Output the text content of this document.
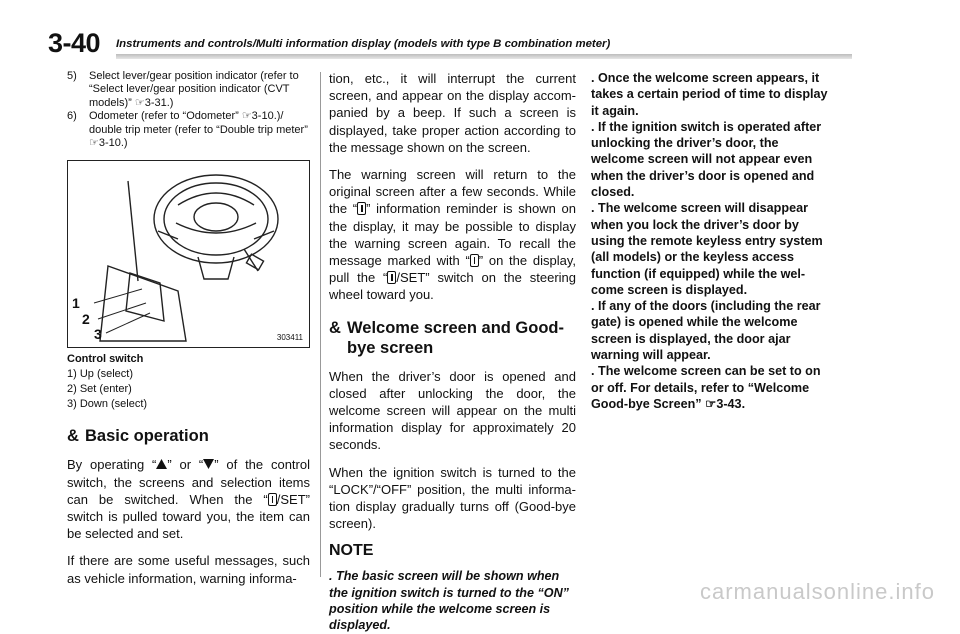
3-40 Instruments and controls/Multi information display (models with type B combination meter)
5) Select lever/gear position indicator (refer to “Select lever/gear position indicator (CVT models)” ☞3-31.)
6) Odometer (refer to “Odometer” ☞3-10.)/ double trip meter (refer to “Double trip meter” ☞3-10.)
1
2
3	303411
Control switch
1) Up (select)
2) Set (enter)
3) Down (select)
& Basic operation

By operating “ ” or “ ” of the control switch, the screens and selection items can be switched. When the “ /SET” switch is pulled toward you, the item can be selected and set.

If there are some useful messages, such as vehicle information, warning informa-

tion, etc., it will interrupt the current screen, and appear on the display accom-panied by a beep. If such a screen is displayed, take proper action according to the message shown on the screen.

The warning screen will return to the original screen after a few seconds. While the “ ” information reminder is shown on the display, it may be possible to display the warning screen again. To recall the message marked with “ ” on the display, pull the “ /SET” switch on the steering wheel toward you.

& Welcome screen and Good-bye screen

When the driver’s door is opened and closed after unlocking the door, the welcome screen will appear on the multi information display for approximately 20 seconds.

When the ignition switch is turned to the “LOCK”/“OFF” position, the multi informa-tion display gradually turns off (Good-bye screen).

NOTE

. The basic screen will be shown when the ignition switch is turned to the “ON” position while the welcome screen is displayed.

. Once the welcome screen appears, it takes a certain period of time to display it again.

. If the ignition switch is operated after unlocking the driver’s door, the welcome screen will not appear even when the driver’s door is opened and closed.

. The welcome screen will disappear when you lock the driver’s door by using the remote keyless entry system (all models) or the keyless access function (if equipped) while the wel-come screen is displayed.

. If any of the doors (including the rear gate) is opened while the welcome screen is displayed, the door ajar warning will appear.

. The welcome screen can be set to on or off. For details, refer to “Welcome Good-bye Screen” ☞3-43.

carmanualsonline.info
